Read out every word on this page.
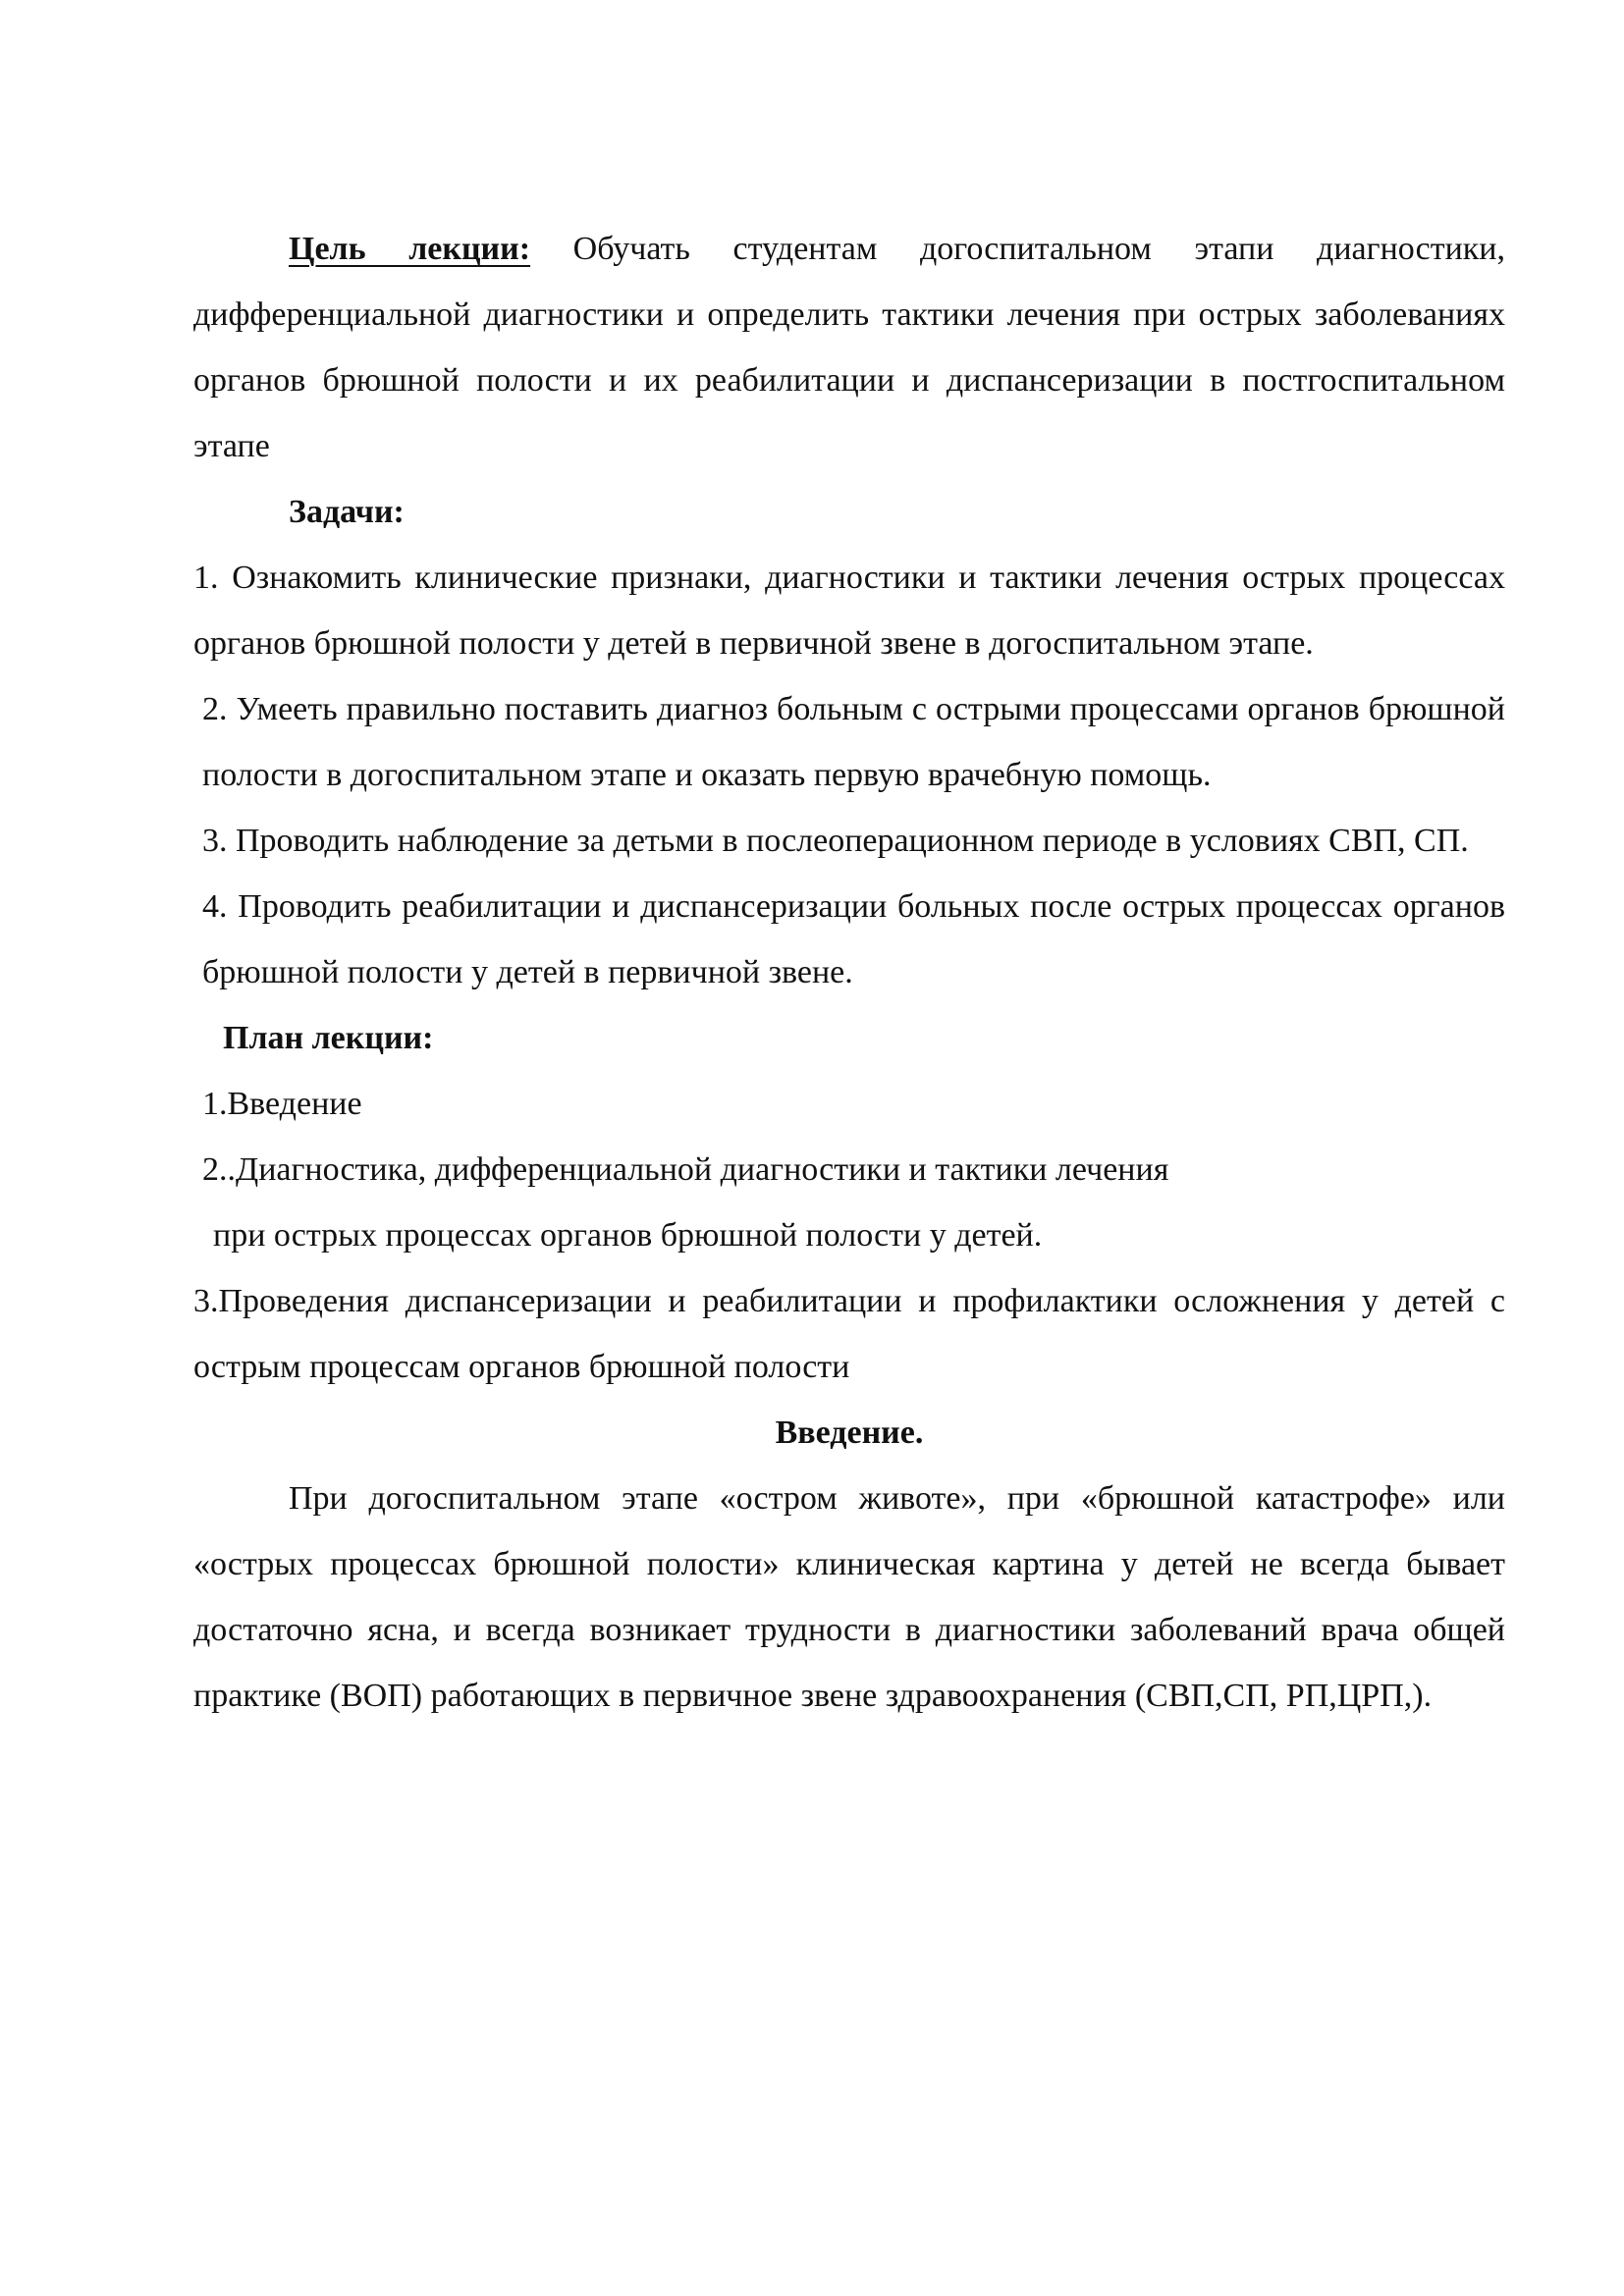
Цель лекции: Обучать студентам догоспитальном этапи диагностики, дифференциальной диагностики и определить тактики лечения при острых заболеваниях органов брюшной полости и их реабилитации и диспансеризации в постгоспитальном этапе

Задачи:

1. Ознакомить клинические признаки, диагностики и тактики лечения острых процессах органов брюшной полости у детей в первичной звене в догоспитальном этапе.

2. Умеeть правильно поставить диагноз больным с острыми процессами органов брюшной полости в догоспитальном этапе и оказать первую врачебную помощь.

3. Проводить наблюдение за детьми в послеоперационном периоде в условиях СВП, СП.

4. Проводить реабилитации и диспансеризации больных после острых процессах органов брюшной полости у детей в первичной звене.

План лекции:

1.Введение

2..Диагностика, дифференциальной диагностики и тактики лечения

при острых процессах органов брюшной полости у детей.

3.Проведения диспансеризации и реабилитации и профилактики осложнения у детей с острым процессам органов брюшной полости

Введение.

При догоспитальном этапе «остром животе», при «брюшной катастрофе» или «острых процессах брюшной полости» клиническая картина у детей не всегда бывает достаточно ясна, и всегда возникает трудности в диагностики заболеваний врача общей практике (ВОП) работающих в первичное звене здравоохранения (СВП,СП, РП,ЦРП,).
